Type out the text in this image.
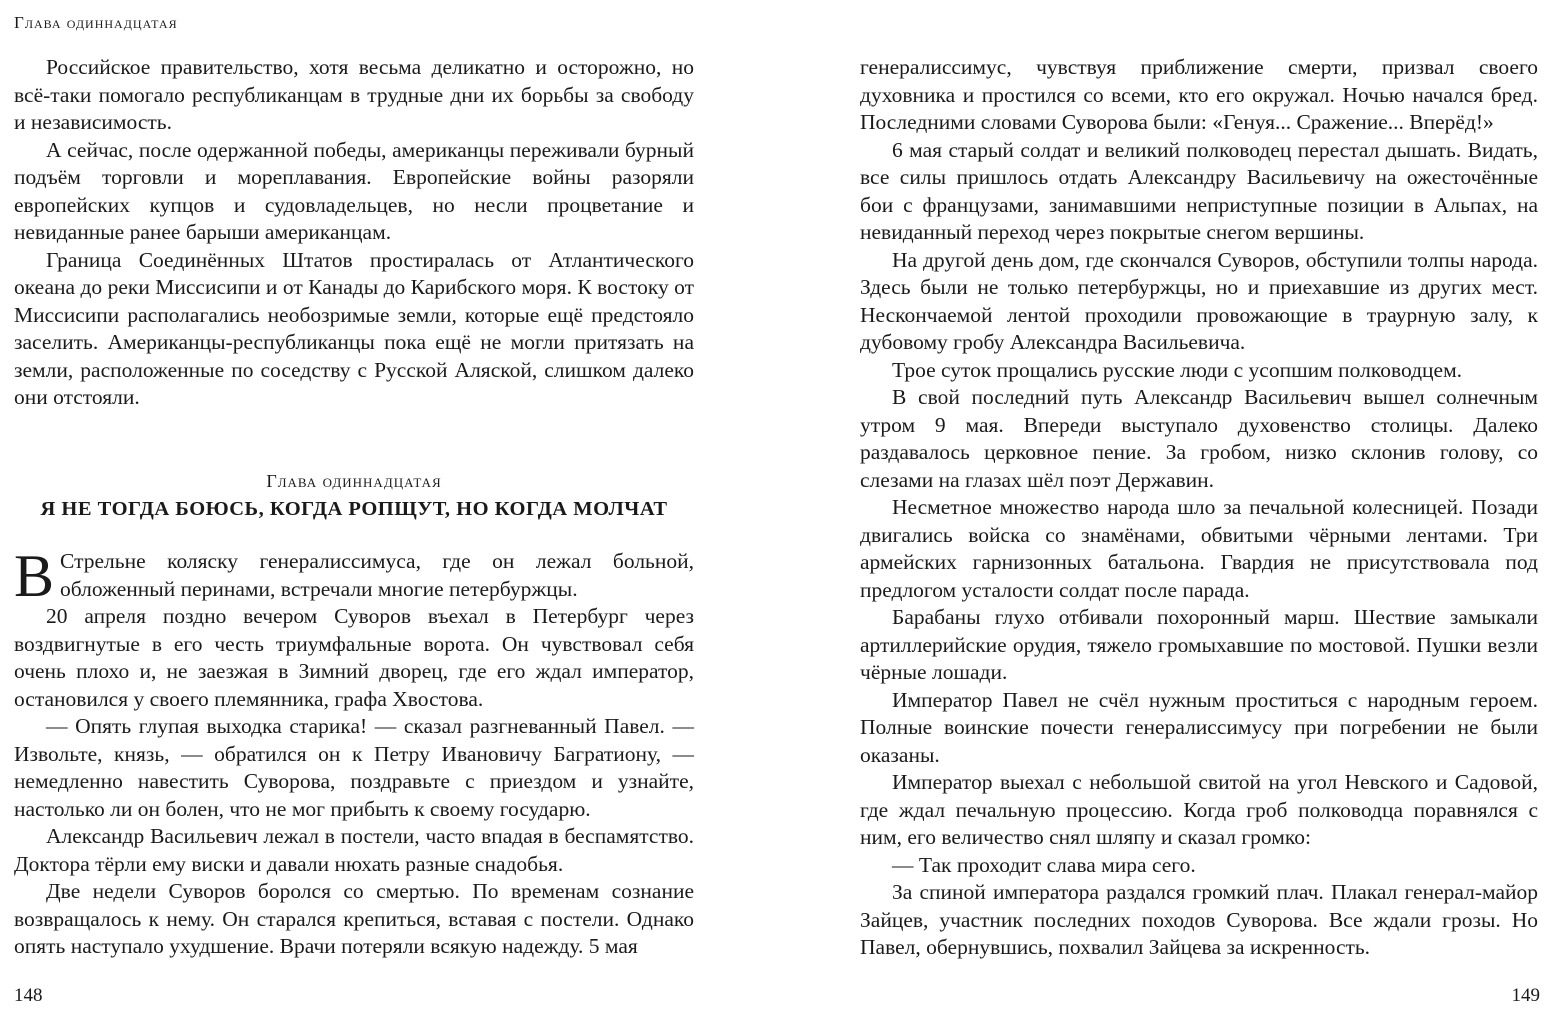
Глава одиннадцатая

Российское правительство, хотя весьма деликатно и осторожно, но всё-таки помогало республиканцам в трудные дни их борьбы за свободу и независимость.

А сейчас, после одержанной победы, американцы переживали бурный подъём торговли и мореплавания. Европейские войны разоряли европейских купцов и судовладельцев, но несли процветание и невиданные ранее барыши американцам.

Граница Соединённых Штатов простиралась от Атлантического океана до реки Миссисипи и от Канады до Карибского моря. К востоку от Миссисипи располагались необозримые земли, которые ещё предстояло заселить. Американцы-республиканцы пока ещё не могли притязать на земли, расположенные по соседству с Русской Аляской, слишком далеко они отстояли.

Глава одиннадцатая
Я НЕ ТОГДА БОЮСЬ, КОГДА РОПЩУТ, НО КОГДА МОЛЧАТ

В Стрельне коляску генералиссимуса, где он лежал больной, обложенный перинами, встречали многие петербуржцы.

20 апреля поздно вечером Суворов въехал в Петербург через воздвигнутые в его честь триумфальные ворота. Он чувствовал себя очень плохо и, не заезжая в Зимний дворец, где его ждал император, остановился у своего племянника, графа Хвостова.

— Опять глупая выходка старика! — сказал разгневанный Павел. — Извольте, князь, — обратился он к Петру Ивановичу Багратиону, — немедленно навестить Суворова, поздравьте с приездом и узнайте, настолько ли он болен, что не мог прибыть к своему государю.

Александр Васильевич лежал в постели, часто впадая в беспамятство. Доктора тёрли ему виски и давали нюхать разные снадобья.

Две недели Суворов боролся со смертью. По временам сознание возвращалось к нему. Он старался крепиться, вставая с постели. Однако опять наступало ухудшение. Врачи потеряли всякую надежду. 5 мая

148

генералиссимус, чувствуя приближение смерти, призвал своего духовника и простился со всеми, кто его окружал. Ночью начался бред. Последними словами Суворова были: «Генуя... Сражение... Вперёд!»

6 мая старый солдат и великий полководец перестал дышать. Видать, все силы пришлось отдать Александру Васильевичу на ожесточённые бои с французами, занимавшими неприступные позиции в Альпах, на невиданный переход через покрытые снегом вершины.

На другой день дом, где скончался Суворов, обступили толпы народа. Здесь были не только петербуржцы, но и приехавшие из других мест. Нескончаемой лентой проходили провожающие в траурную залу, к дубовому гробу Александра Васильевича.

Трое суток прощались русские люди с усопшим полководцем.

В свой последний путь Александр Васильевич вышел солнечным утром 9 мая. Впереди выступало духовенство столицы. Далеко раздавалось церковное пение. За гробом, низко склонив голову, со слезами на глазах шёл поэт Державин.

Несметное множество народа шло за печальной колесницей. Позади двигались войска со знамёнами, обвитыми чёрными лентами. Три армейских гарнизонных батальона. Гвардия не присутствовала под предлогом усталости солдат после парада.

Барабаны глухо отбивали похоронный марш. Шествие замыкали артиллерийские орудия, тяжело громыхавшие по мостовой. Пушки везли чёрные лошади.

Император Павел не счёл нужным проститься с народным героем. Полные воинские почести генералиссимусу при погребении не были оказаны.

Император выехал с небольшой свитой на угол Невского и Садовой, где ждал печальную процессию. Когда гроб полководца поравнялся с ним, его величество снял шляпу и сказал громко:

— Так проходит слава мира сего.

За спиной императора раздался громкий плач. Плакал генерал-майор Зайцев, участник последних походов Суворова. Все ждали грозы. Но Павел, обернувшись, похвалил Зайцева за искренность.

149
